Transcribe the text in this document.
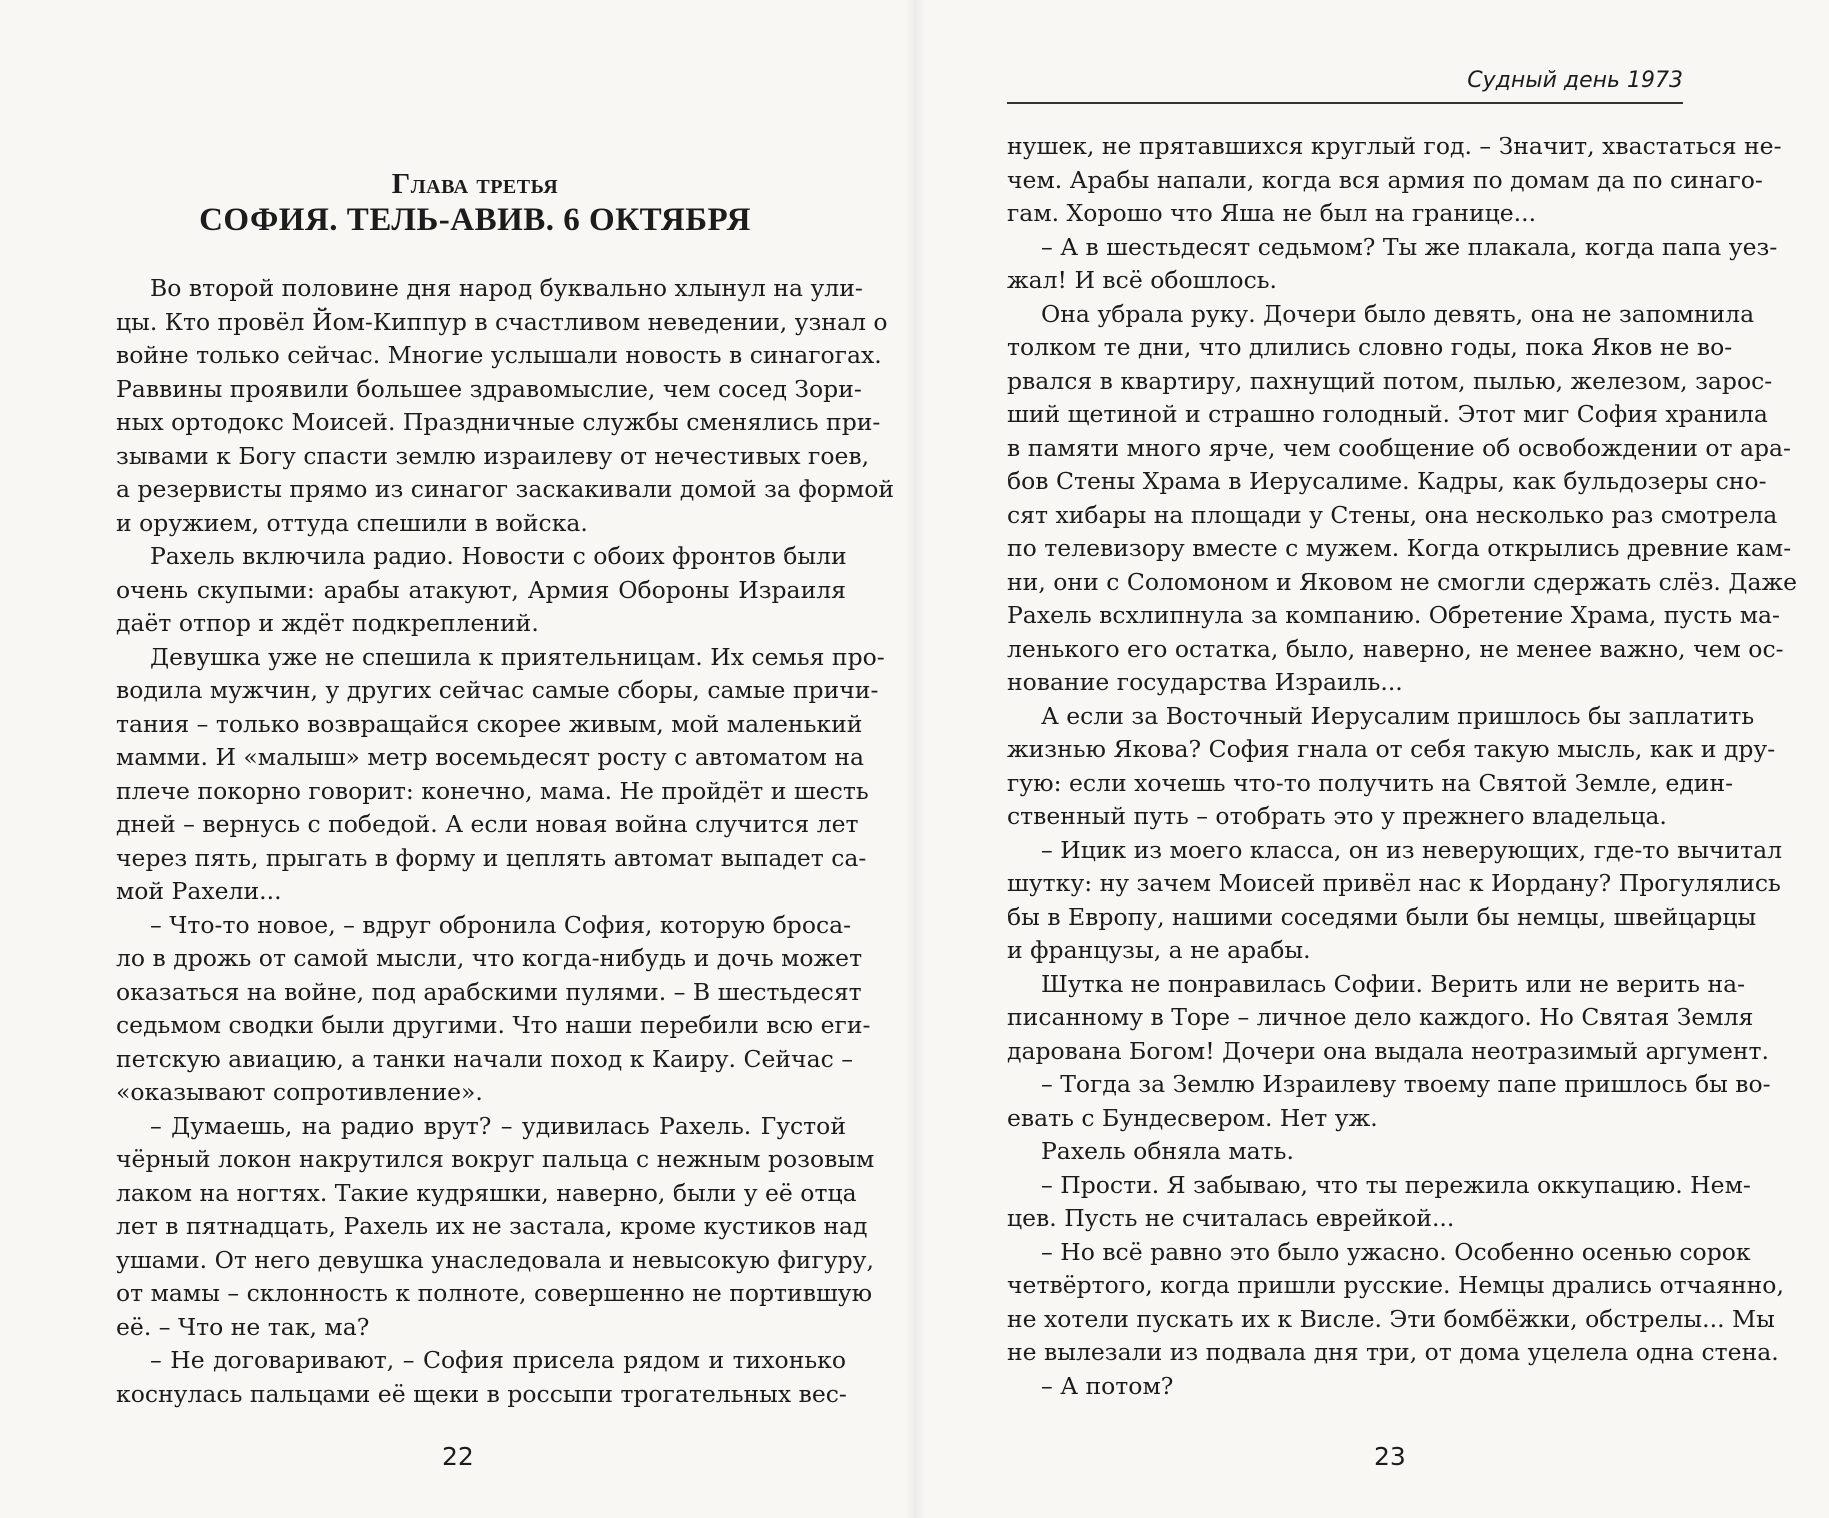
Глава третья
СОФИЯ. ТЕЛЬ-АВИВ. 6 ОКТЯБРЯ
Во второй половине дня народ буквально хлынул на ули-
цы. Кто провёл Йом-Киппур в счастливом неведении, узнал о
войне только сейчас. Многие услышали новость в синагогах.
Раввины проявили большее здравомыслие, чем сосед Зори-
ных ортодокс Моисей. Праздничные службы сменялись при-
зывами к Богу спасти землю израилеву от нечестивых гоев,
а резервисты прямо из синагог заскакивали домой за формой
и оружием, оттуда спешили в войска.
Рахель включила радио. Новости с обоих фронтов были
очень скупыми: арабы атакуют, Армия Обороны Израиля
даёт отпор и ждёт подкреплений.
Девушка уже не спешила к приятельницам. Их семья про-
водила мужчин, у других сейчас самые сборы, самые причи-
тания – только возвращайся скорее живым, мой маленький
мамми. И «малыш» метр восемьдесят росту с автоматом на
плече покорно говорит: конечно, мама. Не пройдёт и шесть
дней – вернусь с победой. А если новая война случится лет
через пять, прыгать в форму и цеплять автомат выпадет са-
мой Рахели...
– Что-то новое, – вдруг обронила София, которую бросa-
ло в дрожь от самой мысли, что когда-нибудь и дочь может
оказаться на войне, под арабскими пулями. – В шестьдесят
седьмом сводки были другими. Что наши перебили всю еги-
петскую авиацию, а танки начали поход к Каиру. Сейчас –
«оказывают сопротивление».
– Думаешь, на радио врут? – удивилась Рахель. Густой
чёрный локон накрутился вокруг пальца с нежным розовым
лаком на ногтях. Такие кудряшки, наверно, были у её отца
лет в пятнадцать, Рахель их не застала, кроме кустиков над
ушами. От него девушка унаследовала и невысокую фигуру,
от мамы – склонность к полноте, совершенно не портившую
её. – Что не так, ма?
– Не договаривают, – София присела рядом и тихонько
коснулась пальцами её щеки в россыпи трогательных вес-
22
Судный день 1973
нушек, не прятавшихся круглый год. – Значит, хвастаться не-
чем. Арабы напали, когда вся армия по домам да по синаго-
гам. Хорошо что Яша не был на границе...
– А в шестьдесят седьмом? Ты же плакала, когда папа уез-
жал! И всё обошлось.
Она убрала руку. Дочери было девять, она не запомнила
толком те дни, что длились словно годы, пока Яков не во-
рвался в квартиру, пахнущий потом, пылью, железом, зарос-
ший щетиной и страшно голодный. Этот миг София хранила
в памяти много ярче, чем сообщение об освобождении от ара-
бов Стены Храма в Иерусалиме. Кадры, как бульдозеры сно-
сят хибары на площади у Стены, она несколько раз смотрела
по телевизору вместе с мужем. Когда открылись древние кам-
ни, они с Соломоном и Яковом не смогли сдержать слёз. Даже
Рахель всхлипнула за компанию. Обретение Храма, пусть ма-
ленького его остатка, было, наверно, не менее важно, чем ос-
нование государства Израиль...
А если за Восточный Иерусалим пришлось бы заплатить
жизнью Якова? София гнала от себя такую мысль, как и дру-
гую: если хочешь что-то получить на Святой Земле, един-
ственный путь – отобрать это у прежнего владельца.
– Ицик из моего класса, он из неверующих, где-то вычитал
шутку: ну зачем Моисей привёл нас к Иордану? Прогулялись
бы в Европу, нашими соседями были бы немцы, швейцарцы
и французы, а не арабы.
Шутка не понравилась Софии. Верить или не верить на-
писанному в Торе – личное дело каждого. Но Святая Земля
дарована Богом! Дочери она выдала неотразимый аргумент.
– Тогда за Землю Израилеву твоему папе пришлось бы во-
евать с Бундесвером. Нет уж.
Рахель обняла мать.
– Прости. Я забываю, что ты пережила оккупацию. Нем-
цев. Пусть не считалась еврейкой...
– Но всё равно это было ужасно. Особенно осенью сорок
четвёртого, когда пришли русские. Немцы дрались отчаянно,
не хотели пускать их к Висле. Эти бомбёжки, обстрелы... Мы
не вылезали из подвала дня три, от дома уцелела одна стена.
– А потом?
23
